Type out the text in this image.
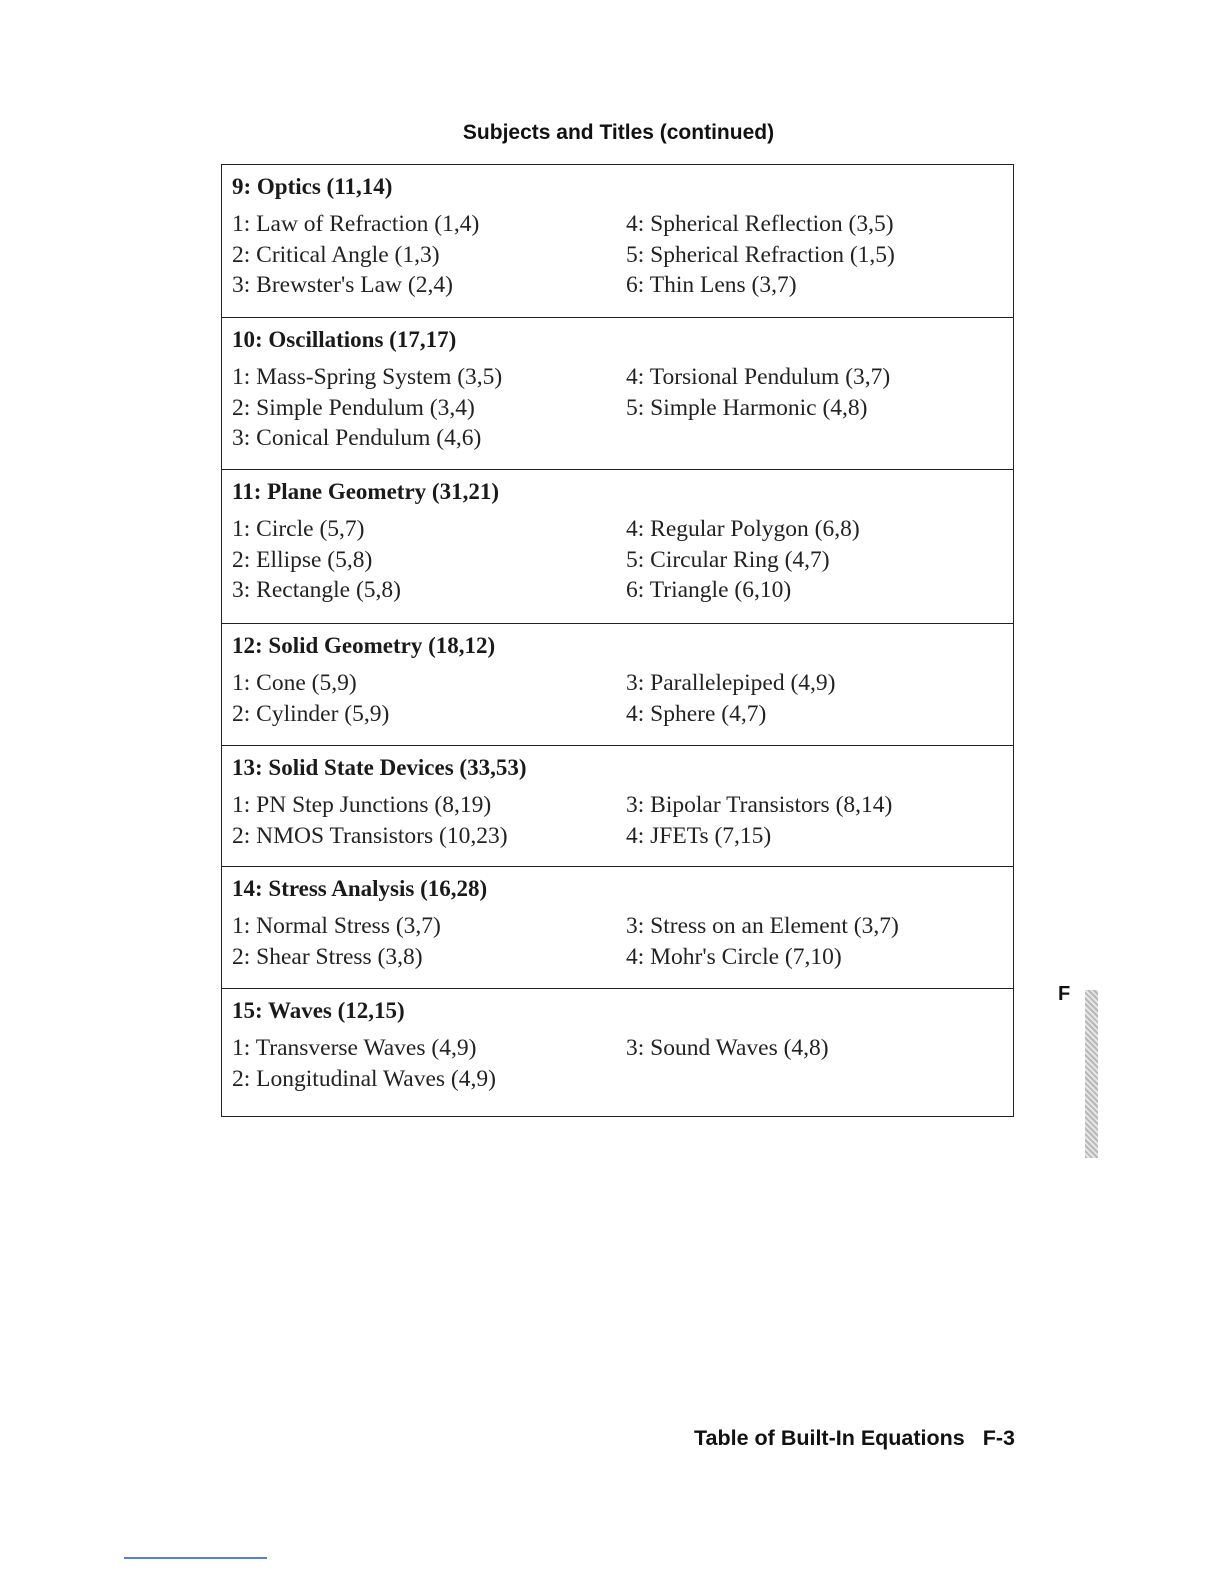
Subjects and Titles (continued)
9: Optics (11,14)
1: Law of Refraction (1,4)
2: Critical Angle (1,3)
3: Brewster's Law (2,4)
4: Spherical Reflection (3,5)
5: Spherical Refraction (1,5)
6: Thin Lens (3,7)
10: Oscillations (17,17)
1: Mass-Spring System (3,5)
2: Simple Pendulum (3,4)
3: Conical Pendulum (4,6)
4: Torsional Pendulum (3,7)
5: Simple Harmonic (4,8)
11: Plane Geometry (31,21)
1: Circle (5,7)
2: Ellipse (5,8)
3: Rectangle (5,8)
4: Regular Polygon (6,8)
5: Circular Ring (4,7)
6: Triangle (6,10)
12: Solid Geometry (18,12)
1: Cone (5,9)
2: Cylinder (5,9)
3: Parallelepiped (4,9)
4: Sphere (4,7)
13: Solid State Devices (33,53)
1: PN Step Junctions (8,19)
2: NMOS Transistors (10,23)
3: Bipolar Transistors (8,14)
4: JFETs (7,15)
14: Stress Analysis (16,28)
1: Normal Stress (3,7)
2: Shear Stress (3,8)
3: Stress on an Element (3,7)
4: Mohr's Circle (7,10)
15: Waves (12,15)
1: Transverse Waves (4,9)
2: Longitudinal Waves (4,9)
3: Sound Waves (4,8)
F
Table of Built-In Equations F-3
